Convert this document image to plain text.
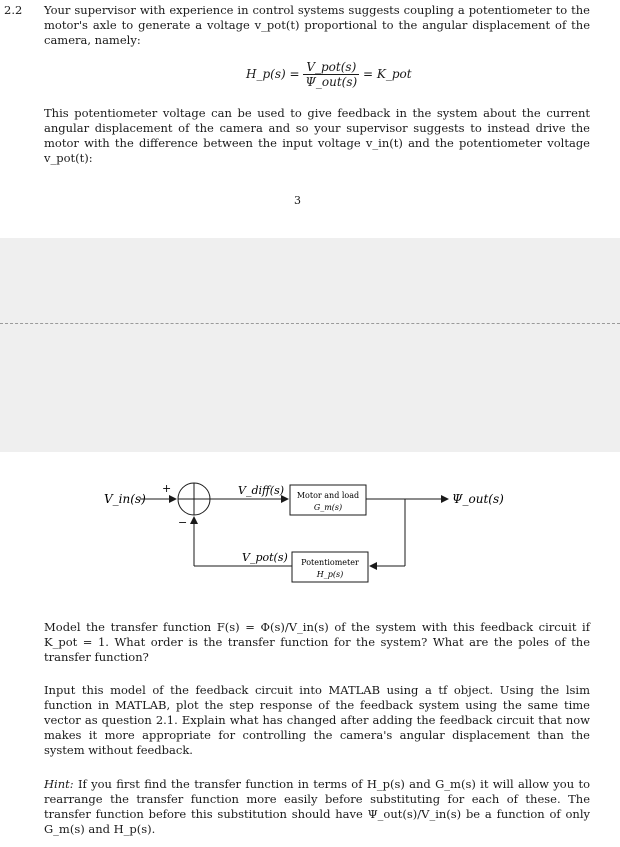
2.2 Your supervisor with experience in control systems suggests coupling a potentiometer to the motor's axle to generate a voltage v_pot(t) proportional to the angular displacement of the camera, namely:
H_p(s) = $\frac{\text{V\_pot(s)}}{\text{Ψ\_out(s)}}$ = K_pot
This potentiometer voltage can be used to give feedback in the system about the current angular displacement of the camera and so your supervisor suggests to instead drive the motor with the difference between the input voltage v_in(t) and the potentiometer voltage v_pot(t):
3
V_in(s)
+
−
V_diff(s) Motor and load
G_m(s)
Ψ_out(s)
Potentiometer
H_p(s)
V_pot(s)
Model the transfer function F(s) = Φ(s)/V_in(s) of the system with this feedback circuit if K_pot = 1. What order is the transfer function for the system? What are the poles of the transfer function?
Input this model of the feedback circuit into MATLAB using a tf object. Using the lsim function in MATLAB, plot the step response of the feedback system using the same time vector as question 2.1. Explain what has changed after adding the feedback circuit that now makes it more appropriate for controlling the camera's angular displacement than the system without feedback.
Hint: If you first find the transfer function in terms of H_p(s) and G_m(s) it will allow you to rearrange the transfer function more easily before substituting for each of these. The transfer function before this substitution should have Ψ_out(s)/V_in(s) be a function of only G_m(s) and H_p(s).
